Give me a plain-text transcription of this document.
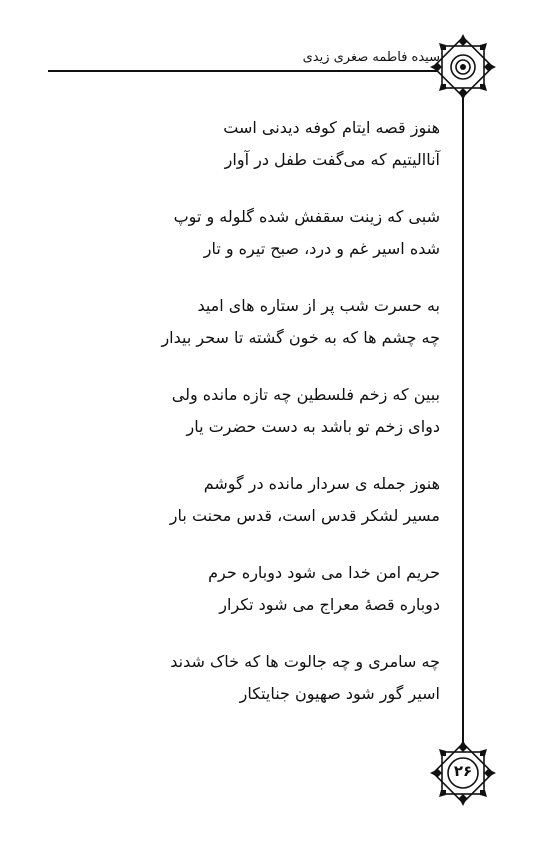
سیده فاطمه صغری زیدی
۲۶
هنوز قصه ایتام کوفه دیدنی است
آناالیتیم که می‌گفت طفل در آوار
شبی که زینت سقفش شده گلوله و توپ
شده اسیر غم و درد، صبح تیره و تار
به حسرت شب پر از ستاره های امید
چه چشم ها که به خون گشته تا سحر بیدار
ببین که زخم فلسطین چه تازه مانده ولی
دوای زخم تو باشد به دست حضرت یار
هنوز جمله ی سردار مانده در گوشم
مسیر لشکر قدس است، قدس محنت بار
حریم امن خدا می شود دوباره حرم
دوباره قصهٔ معراج می شود تکرار
چه سامری و چه جالوت ها که خاک شدند
اسیر گور شود صهیون جنایتکار
